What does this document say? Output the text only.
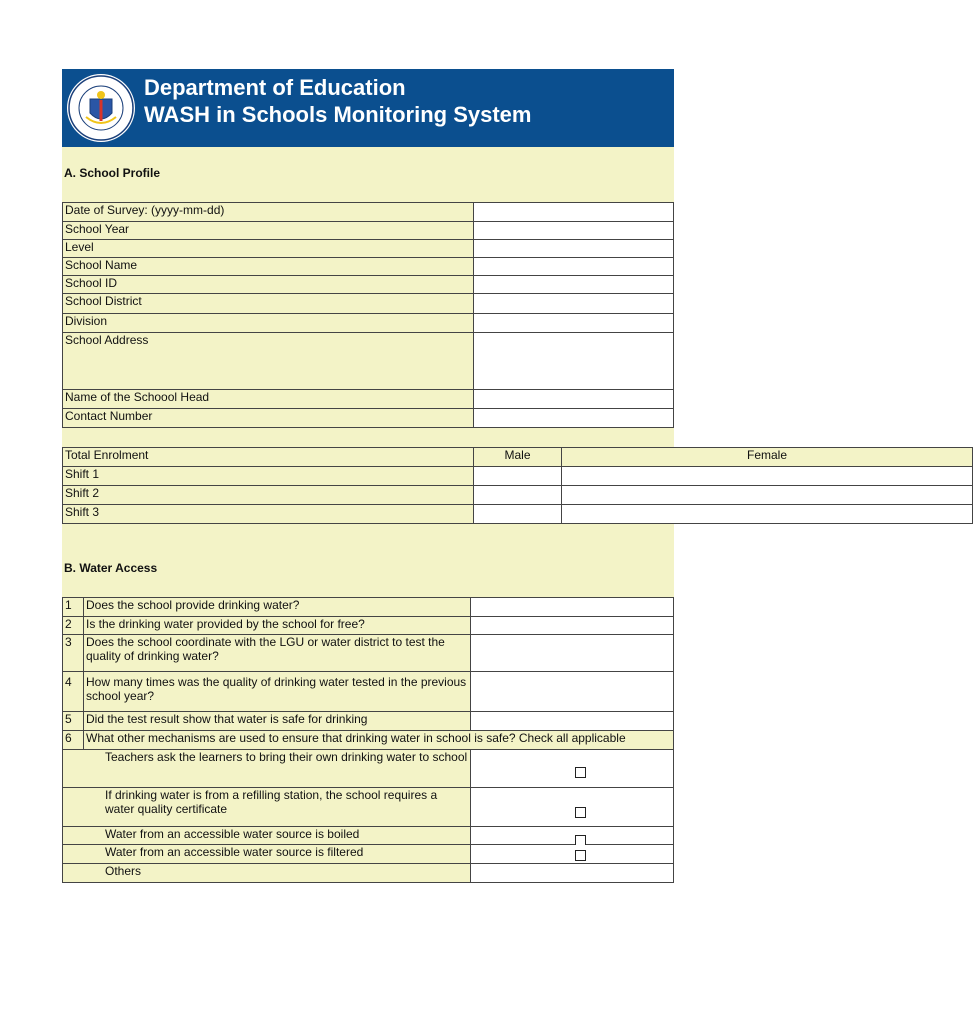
Department of Education
WASH in Schools Monitoring System
A. School Profile
Date of Survey: (yyyy-mm-dd)	
School Year	
Level	
School Name	
School ID	
School District	
Division	
School Address	
Name of the Schoool Head	
Contact Number	
Total Enrolment	Male	Female
Shift 1		
Shift 2		
Shift 3		
B. Water Access
1	Does the school provide drinking water?	
2	Is the drinking water provided by the school for free?	
3	Does the school coordinate with the LGU or water district to test the quality of drinking water?	
4	How many times was the quality of drinking water tested in the previous school year?	
5	Did the test result show that water is safe for drinking	
6	What other mechanisms are used to ensure that drinking water in school is safe? Check all applicable	
Teachers ask the learners to bring their own drinking water to school		

If drinking water is from a refilling station, the school requires a water quality certificate		

Water from an accessible water source is boiled		

Water from an accessible water source is filtered		

Others		
